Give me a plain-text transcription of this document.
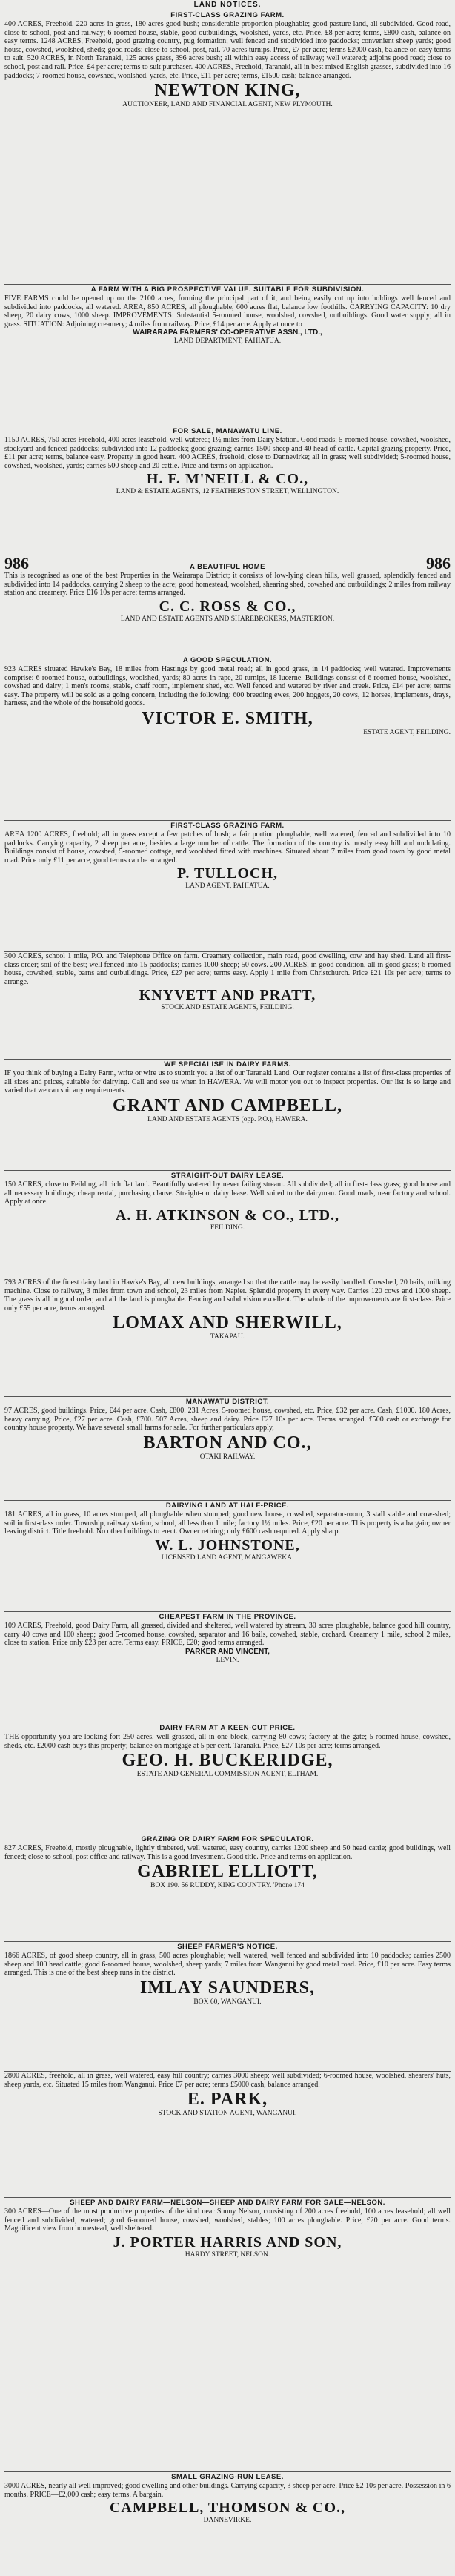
LAND NOTICES.
FIRST-CLASS GRAZING FARM.
400 ACRES, Freehold, 220 acres in grass, 180 acres good bush; considerable proportion ploughable; good pasture land, all subdivided. Good road, close to school, post and railway; 6-roomed house, stable, good outbuildings, woolshed, yards, etc. Price, £8 per acre; terms, £800 cash, balance on easy terms. 1248 ACRES, Freehold, good grazing country, pug formation; well fenced and subdivided into paddocks; convenient sheep yards; good house, cowshed, woolshed, sheds; good roads; close to school, post, rail. 70 acres turnips. Price, £7 per acre; terms £2000 cash, balance on easy terms to suit. 520 ACRES, in North Taranaki, 125 acres grass, 396 acres bush; all within easy access of railway; well watered; adjoins good road; close to school, post and rail. Price, £4 per acre; terms to suit purchaser. 400 ACRES, Freehold, Taranaki, all in best mixed English grasses, subdivided into 16 paddocks; 7-roomed house, cowshed, woolshed, yards, etc. Price, £11 per acre; terms, £1500 cash; balance arranged.
NEWTON KING,
AUCTIONEER, LAND AND FINANCIAL AGENT, NEW PLYMOUTH.
A FARM WITH A BIG PROSPECTIVE VALUE. SUITABLE FOR SUBDIVISION.
FIVE FARMS could be opened up on the 2100 acres, forming the principal part of it, and being easily cut up into holdings well fenced and subdivided into paddocks, all watered. AREA, 850 ACRES, all ploughable, 600 acres flat, balance low foothills. CARRYING CAPACITY: 10 dry sheep, 20 dairy cows, 1000 sheep. IMPROVEMENTS: Substantial 5-roomed house, woolshed, cowshed, outbuildings. Good water supply; all in grass. SITUATION: Adjoining creamery; 4 miles from railway. Price, £14 per acre. Apply at once to
WAIRARAPA FARMERS' CO-OPERATIVE ASSN., LTD.,
LAND DEPARTMENT, PAHIATUA.
FOR SALE, MANAWATU LINE.
1150 ACRES, 750 acres Freehold, 400 acres leasehold, well watered; 1½ miles from Dairy Station. Good roads; 5-roomed house, cowshed, woolshed, stockyard and fenced paddocks; subdivided into 12 paddocks; good grazing; carries 1500 sheep and 40 head of cattle. Capital grazing property. Price, £11 per acre; terms, balance easy. Property in good heart. 400 ACRES, freehold, close to Dannevirke; all in grass; well subdivided; 5-roomed house, cowshed, woolshed, yards; carries 500 sheep and 20 cattle. Price and terms on application.
H. F. M'NEILL & CO.,
LAND & ESTATE AGENTS, 12 FEATHERSTON STREET, WELLINGTON.
986	A BEAUTIFUL HOME	986
This is recognised as one of the best Properties in the Wairarapa District; it consists of low-lying clean hills, well grassed, splendidly fenced and subdivided into 14 paddocks, carrying 2 sheep to the acre; good homestead, woolshed, shearing shed, cowshed and outbuildings; 2 miles from railway station and creamery. Price £16 10s per acre; terms arranged.
C. C. ROSS & CO.,
LAND AND ESTATE AGENTS AND SHAREBROKERS, MASTERTON.
A GOOD SPECULATION.
923 ACRES situated Hawke's Bay, 18 miles from Hastings by good metal road; all in good grass, in 14 paddocks; well watered. Improvements comprise: 6-roomed house, outbuildings, woolshed, yards; 80 acres in rape, 20 turnips, 18 lucerne. Buildings consist of 6-roomed house, woolshed, cowshed and dairy; 1 men's rooms, stable, chaff room, implement shed, etc. Well fenced and watered by river and creek. Price, £14 per acre; terms easy. The property will be sold as a going concern, including the following: 600 breeding ewes, 200 hoggets, 20 cows, 12 horses, implements, drays, harness, and the whole of the household goods.
VICTOR E. SMITH,
ESTATE AGENT, FEILDING.
FIRST-CLASS GRAZING FARM.
AREA 1200 ACRES, freehold; all in grass except a few patches of bush; a fair portion ploughable, well watered, fenced and subdivided into 10 paddocks. Carrying capacity, 2 sheep per acre, besides a large number of cattle. The formation of the country is mostly easy hill and undulating. Buildings consist of house, cowshed, 5-roomed cottage, and woolshed fitted with machines. Situated about 7 miles from good town by good metal road. Price only £11 per acre, good terms can be arranged.
P. TULLOCH,
LAND AGENT, PAHIATUA.
300 ACRES, school 1 mile, P.O. and Telephone Office on farm. Creamery collection, main road, good dwelling, cow and hay shed. Land all first-class order; soil of the best; well fenced into 15 paddocks; carries 1000 sheep; 50 cows. 200 ACRES, in good condition, all in good grass; 6-roomed house, cowshed, stable, barns and outbuildings. Price, £27 per acre; terms easy. Apply 1 mile from Christchurch. Price £21 10s per acre; terms to arrange.
KNYVETT AND PRATT,
STOCK AND ESTATE AGENTS, FEILDING.
WE SPECIALISE IN DAIRY FARMS.
IF you think of buying a Dairy Farm, write or wire us to submit you a list of our Taranaki Land. Our register contains a list of first-class properties of all sizes and prices, suitable for dairying. Call and see us when in HAWERA. We will motor you out to inspect properties. Our list is so large and varied that we can suit any requirements.
GRANT AND CAMPBELL,
LAND AND ESTATE AGENTS (opp. P.O.), HAWERA.
STRAIGHT-OUT DAIRY LEASE.
150 ACRES, close to Feilding, all rich flat land. Beautifully watered by never failing stream. All subdivided; all in first-class grass; good house and all necessary buildings; cheap rental, purchasing clause. Straight-out dairy lease. Well suited to the dairyman. Good roads, near factory and school. Apply at once.
A. H. ATKINSON & CO., LTD.,
FEILDING.
793 ACRES of the finest dairy land in Hawke's Bay, all new buildings, arranged so that the cattle may be easily handled. Cowshed, 20 bails, milking machine. Close to railway, 3 miles from town and school, 23 miles from Napier. Splendid property in every way. Carries 120 cows and 1000 sheep. The grass is all in good order, and all the land is ploughable. Fencing and subdivision excellent. The whole of the improvements are first-class. Price only £55 per acre, terms arranged.
LOMAX AND SHERWILL,
TAKAPAU.
MANAWATU DISTRICT.
97 ACRES, good buildings. Price, £44 per acre. Cash, £800. 231 Acres, 5-roomed house, cowshed, etc. Price, £32 per acre. Cash, £1000. 180 Acres, heavy carrying. Price, £27 per acre. Cash, £700. 507 Acres, sheep and dairy. Price £27 10s per acre. Terms arranged. £500 cash or exchange for country house property. We have several small farms for sale. For further particulars apply,
BARTON AND CO.,
OTAKI RAILWAY.
DAIRYING LAND AT HALF-PRICE.
181 ACRES, all in grass, 10 acres stumped, all ploughable when stumped; good new house, cowshed, separator-room, 3 stall stable and cow-shed; soil in first-class order. Township, railway station, school, all less than 1 mile; factory 1½ miles. Price, £20 per acre. This property is a bargain; owner leaving district. Title freehold. No other buildings to erect. Owner retiring; only £600 cash required. Apply sharp.
W. L. JOHNSTONE,
LICENSED LAND AGENT, MANGAWEKA.
CHEAPEST FARM IN THE PROVINCE.
109 ACRES, Freehold, good Dairy Farm, all grassed, divided and sheltered, well watered by stream, 30 acres ploughable, balance good hill country, carry 40 cows and 100 sheep; good 5-roomed house, cowshed, separator and 16 bails, cowshed, stable, orchard. Creamery 1 mile, school 2 miles, close to station. Price only £23 per acre. Terms easy. PRICE, £20; good terms arranged.
PARKER AND VINCENT,
LEVIN.
DAIRY FARM AT A KEEN-CUT PRICE.
THE opportunity you are looking for: 250 acres, well grassed, all in one block, carrying 80 cows; factory at the gate; 5-roomed house, cowshed, sheds, etc. £2000 cash buys this property; balance on mortgage at 5 per cent. Taranaki. Price, £27 10s per acre; terms arranged.
GEO. H. BUCKERIDGE,
ESTATE AND GENERAL COMMISSION AGENT, ELTHAM.
GRAZING OR DAIRY FARM FOR SPECULATOR.
827 ACRES, Freehold, mostly ploughable, lightly timbered, well watered, easy country, carries 1200 sheep and 50 head cattle; good buildings, well fenced; close to school, post office and railway. This is a good investment. Good title. Price and terms on application.
GABRIEL ELLIOTT,
BOX 190. 56 RUDDY, KING COUNTRY. 'Phone 174
SHEEP FARMER'S NOTICE.
1866 ACRES, of good sheep country, all in grass, 500 acres ploughable; well watered, well fenced and subdivided into 10 paddocks; carries 2500 sheep and 100 head cattle; good 6-roomed house, woolshed, sheep yards; 7 miles from Wanganui by good metal road. Price, £10 per acre. Easy terms arranged. This is one of the best sheep runs in the district.
IMLAY SAUNDERS,
BOX 60, WANGANUI.
2800 ACRES, freehold, all in grass, well watered, easy hill country; carries 3000 sheep; well subdivided; 6-roomed house, woolshed, shearers' huts, sheep yards, etc. Situated 15 miles from Wanganui. Price £7 per acre; terms £5000 cash, balance arranged.
E. PARK,
STOCK AND STATION AGENT, WANGANUI.
SHEEP AND DAIRY FARM—NELSON—SHEEP AND DAIRY FARM FOR SALE—NELSON.
300 ACRES—One of the most productive properties of the kind near Sunny Nelson, consisting of 200 acres freehold, 100 acres leasehold; all well fenced and subdivided, watered; good 6-roomed house, cowshed, woolshed, stables; 100 acres ploughable. Price, £20 per acre. Good terms. Magnificent view from homestead, well sheltered.
J. PORTER HARRIS AND SON,
HARDY STREET, NELSON.
SMALL GRAZING-RUN LEASE.
3000 ACRES, nearly all well improved; good dwelling and other buildings. Carrying capacity, 3 sheep per acre. Price £2 10s per acre. Possession in 6 months. PRICE—£2,000 cash; easy terms. A bargain.
CAMPBELL, THOMSON & CO.,
DANNEVIRKE.
